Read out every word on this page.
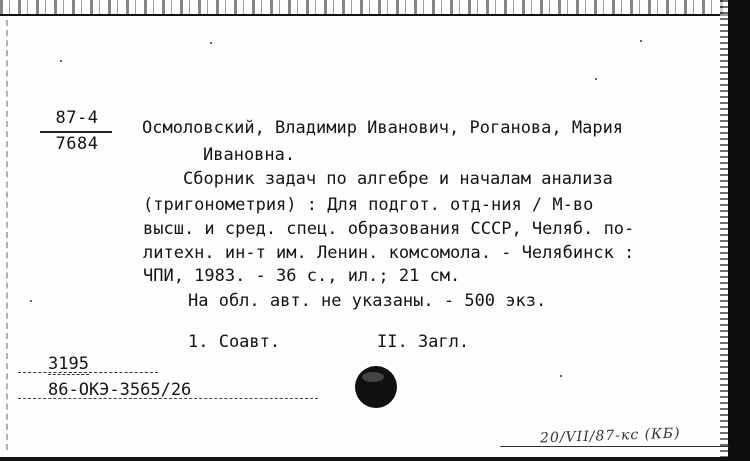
87-4
7684
Осмоловский, Владимир Иванович, Роганова, Мария
Ивановна.
Сборник задач по алгебре и началам анализа
(тригонометрия) : Для подгот. отд-ния / М-во
высш. и сред. спец. образования СССР, Челяб. по-
литехн. ин-т им. Ленин. комсомола. - Челябинск :
ЧПИ, 1983. - 36 с., ил.; 21 см.
На обл. авт. не указаны. - 500 экз.
1. Соавт.	II. Загл.
3195
86-ОКЭ-3565/26
20/VII/87-кс (КБ)
